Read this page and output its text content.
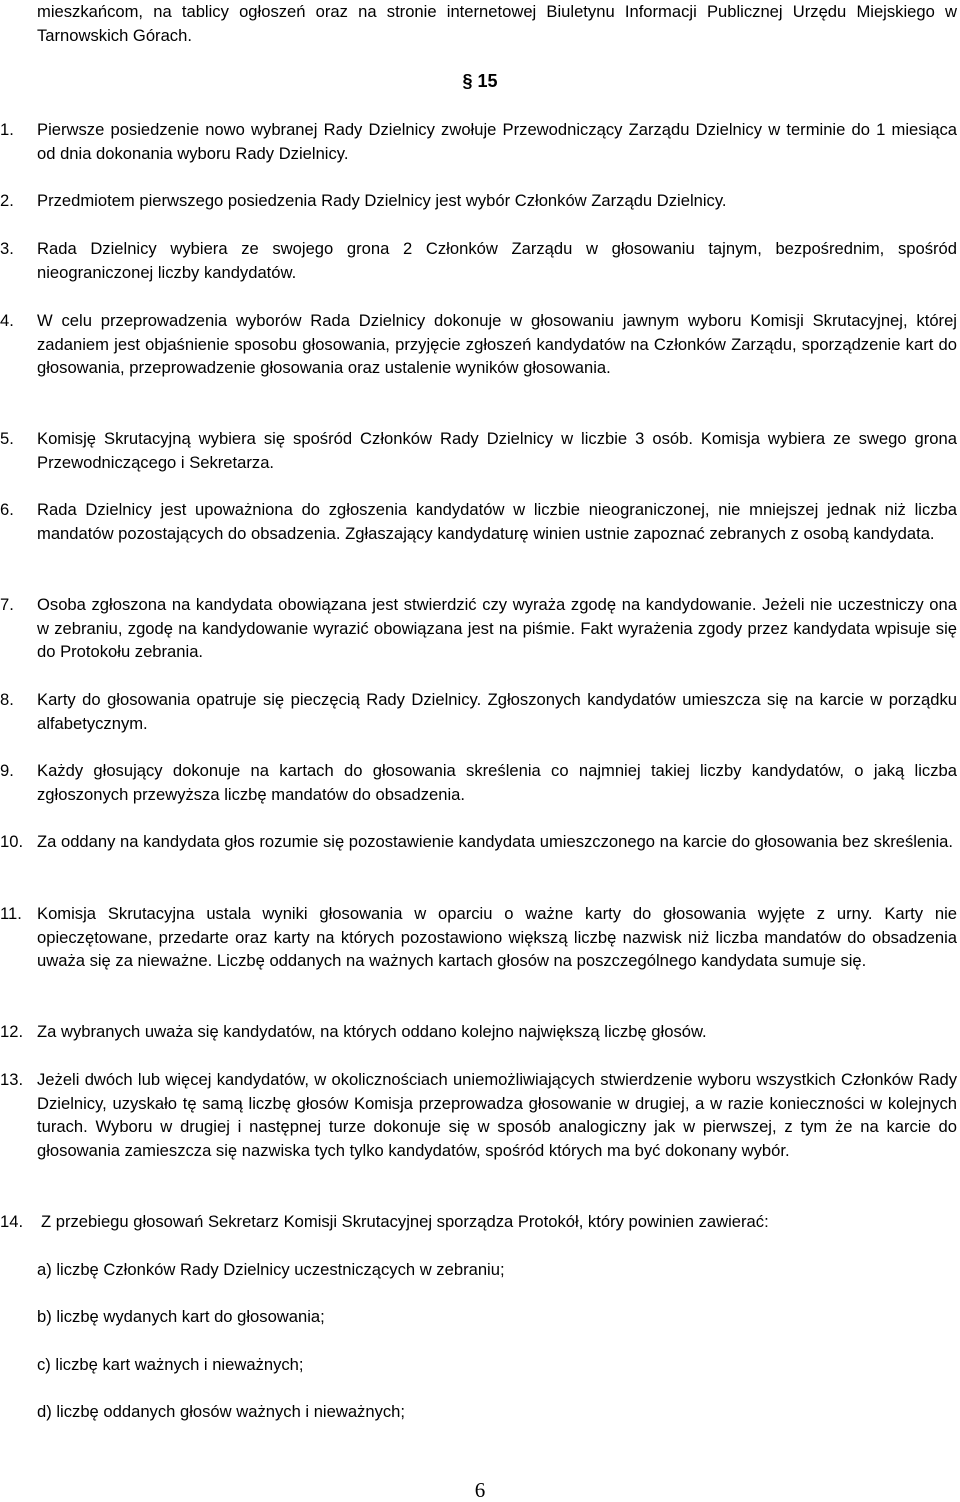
mieszkańcom, na tablicy ogłoszeń oraz na stronie internetowej Biuletynu Informacji Publicznej Urzędu Miejskiego w Tarnowskich Górach.
§ 15
1.	Pierwsze posiedzenie nowo wybranej Rady Dzielnicy zwołuje Przewodniczący Zarządu Dzielnicy w terminie do 1 miesiąca od dnia dokonania wyboru Rady Dzielnicy.
2.	Przedmiotem pierwszego posiedzenia Rady Dzielnicy jest wybór Członków Zarządu Dzielnicy.
3.	Rada Dzielnicy wybiera ze swojego grona 2 Członków Zarządu w głosowaniu tajnym, bezpośrednim, spośród nieograniczonej liczby kandydatów.
4.	W celu przeprowadzenia wyborów Rada Dzielnicy dokonuje w głosowaniu jawnym wyboru Komisji Skrutacyjnej, której zadaniem jest objaśnienie sposobu głosowania, przyjęcie zgłoszeń kandydatów na Członków Zarządu, sporządzenie kart do głosowania, przeprowadzenie głosowania oraz ustalenie wyników głosowania.
5.	Komisję Skrutacyjną wybiera się spośród Członków Rady Dzielnicy w liczbie 3 osób. Komisja wybiera ze swego grona Przewodniczącego i Sekretarza.
6.	Rada Dzielnicy jest upoważniona do zgłoszenia kandydatów w liczbie nieograniczonej, nie mniejszej jednak niż liczba mandatów pozostających do obsadzenia. Zgłaszający kandydaturę winien ustnie zapoznać zebranych z osobą kandydata.
7.	Osoba zgłoszona na kandydata obowiązana jest stwierdzić czy wyraża zgodę na kandydowanie. Jeżeli nie uczestniczy ona w zebraniu, zgodę na kandydowanie wyrazić obowiązana jest na piśmie. Fakt wyrażenia zgody przez kandydata wpisuje się do Protokołu zebrania.
8.	Karty do głosowania opatruje się pieczęcią Rady Dzielnicy. Zgłoszonych kandydatów umieszcza się na karcie w porządku alfabetycznym.
9.	Każdy głosujący dokonuje na kartach do głosowania skreślenia co najmniej takiej liczby kandydatów, o jaką liczba zgłoszonych przewyższa liczbę mandatów do obsadzenia.
10. Za oddany na kandydata głos rozumie się pozostawienie kandydata umieszczonego na karcie do głosowania bez skreślenia.
11. Komisja Skrutacyjna ustala wyniki głosowania w oparciu o ważne karty do głosowania wyjęte z urny. Karty nie opieczętowane, przedarte oraz karty na których pozostawiono większą liczbę nazwisk niż liczba mandatów do obsadzenia uważa się za nieważne. Liczbę oddanych na ważnych kartach głosów na poszczególnego kandydata sumuje się.
12. Za wybranych uważa się kandydatów, na których oddano kolejno największą liczbę głosów.
13. Jeżeli dwóch lub więcej kandydatów, w okolicznościach uniemożliwiających stwierdzenie wyboru wszystkich Członków Rady Dzielnicy, uzyskało tę samą liczbę głosów Komisja przeprowadza głosowanie w drugiej, a w razie konieczności w kolejnych turach. Wyboru w drugiej i następnej turze dokonuje się w sposób analogiczny jak w pierwszej, z tym że na karcie do głosowania zamieszcza się nazwiska tych tylko kandydatów, spośród których ma być dokonany wybór.
14.	Z przebiegu głosowań Sekretarz Komisji Skrutacyjnej sporządza Protokół, który powinien zawierać:
a) liczbę Członków Rady Dzielnicy uczestniczących w zebraniu;
b) liczbę wydanych kart do głosowania;
c) liczbę kart ważnych i nieważnych;
d) liczbę oddanych głosów ważnych i nieważnych;
6
